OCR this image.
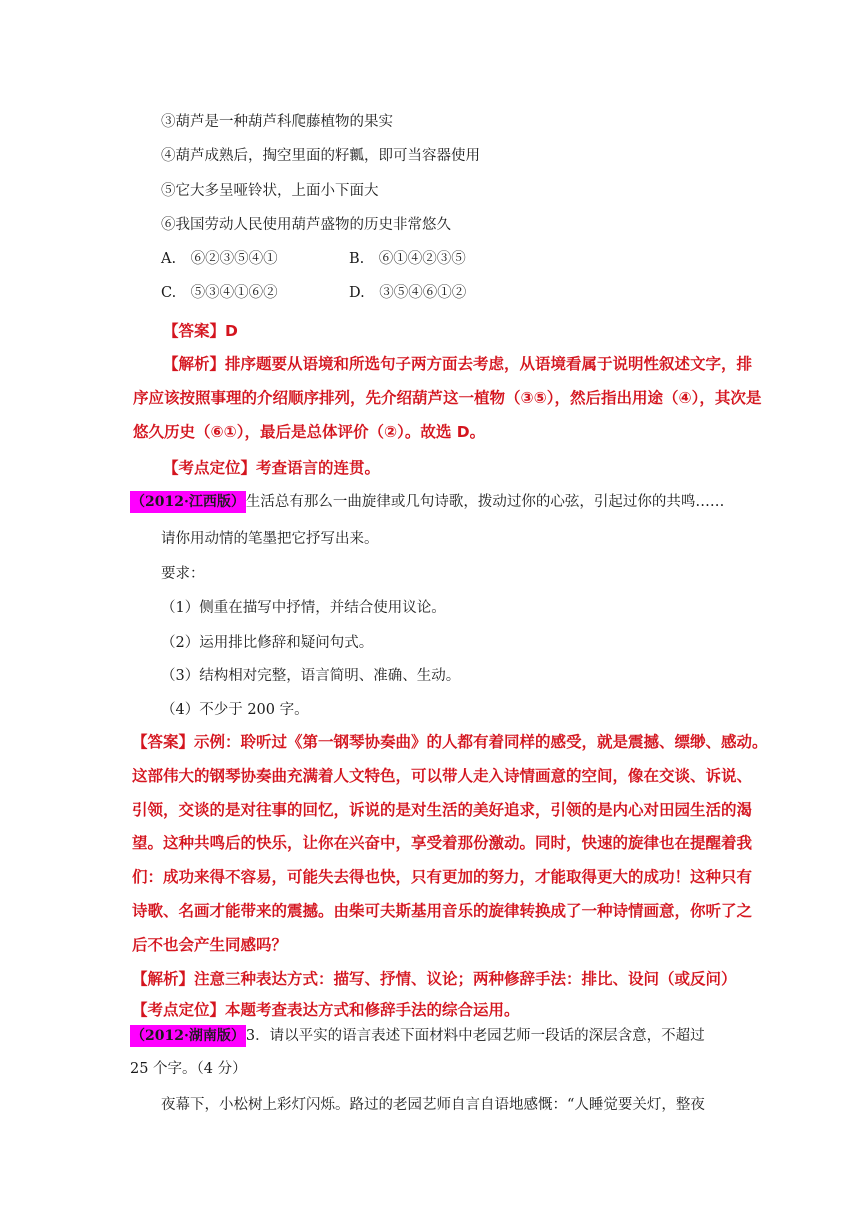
③葫芦是一种葫芦科爬藤植物的果实
④葫芦成熟后，掏空里面的籽瓤，即可当容器使用
⑤它大多呈哑铃状，上面小下面大
⑥我国劳动人民使用葫芦盛物的历史非常悠久
A.　⑥②③⑤④①	B.　⑥①④②③⑤
C.　⑤③④①⑥②	D.　③⑤④⑥①②
【答案】D
【解析】排序题要从语境和所选句子两方面去考虑，从语境看属于说明性叙述文字，排
序应该按照事理的介绍顺序排列，先介绍葫芦这一植物（③⑤），然后指出用途（④），其次是
悠久历史（⑥①），最后是总体评价（②）。故选 D。
【考点定位】考查语言的连贯。
（2012·江西版）生活总有那么一曲旋律或几句诗歌，拨动过你的心弦，引起过你的共鸣……
请你用动情的笔墨把它抒写出来。
要求：
（1）侧重在描写中抒情，并结合使用议论。
（2）运用排比修辞和疑问句式。
（3）结构相对完整，语言简明、准确、生动。
（4）不少于 200 字。
【答案】示例：聆听过《第一钢琴协奏曲》的人都有着同样的感受，就是震撼、缥缈、感动。
这部伟大的钢琴协奏曲充满着人文特色，可以带人走入诗情画意的空间，像在交谈、诉说、
引领，交谈的是对往事的回忆，诉说的是对生活的美好追求，引领的是内心对田园生活的渴
望。这种共鸣后的快乐，让你在兴奋中，享受着那份激动。同时，快速的旋律也在提醒着我
们：成功来得不容易，可能失去得也快，只有更加的努力，才能取得更大的成功！这种只有
诗歌、名画才能带来的震撼。由柴可夫斯基用音乐的旋律转换成了一种诗情画意，你听了之
后不也会产生同感吗？
【解析】注意三种表达方式：描写、抒情、议论；两种修辞手法：排比、设问（或反问）
【考点定位】本题考查表达方式和修辞手法的综合运用。
（2012·湖南版）3．请以平实的语言表述下面材料中老园艺师一段话的深层含意，不超过
25 个字。（4 分）
夜幕下，小松树上彩灯闪烁。路过的老园艺师自言自语地感慨：“人睡觉要关灯，整夜
